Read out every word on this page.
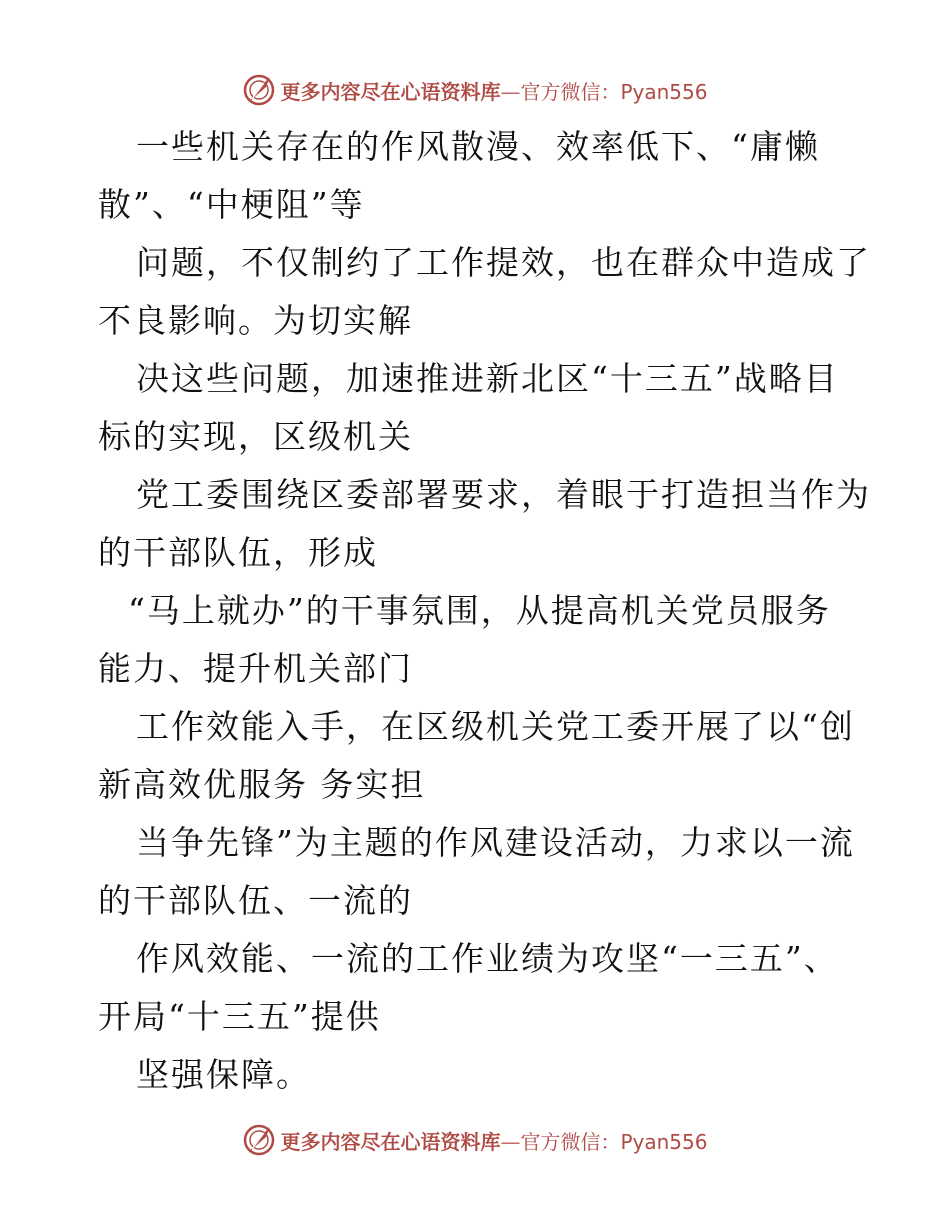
更多内容尽在心语资料库—官方微信：Pyan556
一些机关存在的作风散漫、效率低下、“庸懒
散”、“中梗阻”等
问题，不仅制约了工作提效，也在群众中造成了
不良影响。为切实解
决这些问题，加速推进新北区“十三五”战略目
标的实现，区级机关
党工委围绕区委部署要求，着眼于打造担当作为
的干部队伍，形成
“马上就办”的干事氛围，从提高机关党员服务
能力、提升机关部门
工作效能入手，在区级机关党工委开展了以“创
新高效优服务 务实担
当争先锋”为主题的作风建设活动，力求以一流
的干部队伍、一流的
作风效能、一流的工作业绩为攻坚“一三五”、
开局“十三五”提供
坚强保障。
更多内容尽在心语资料库—官方微信：Pyan556
